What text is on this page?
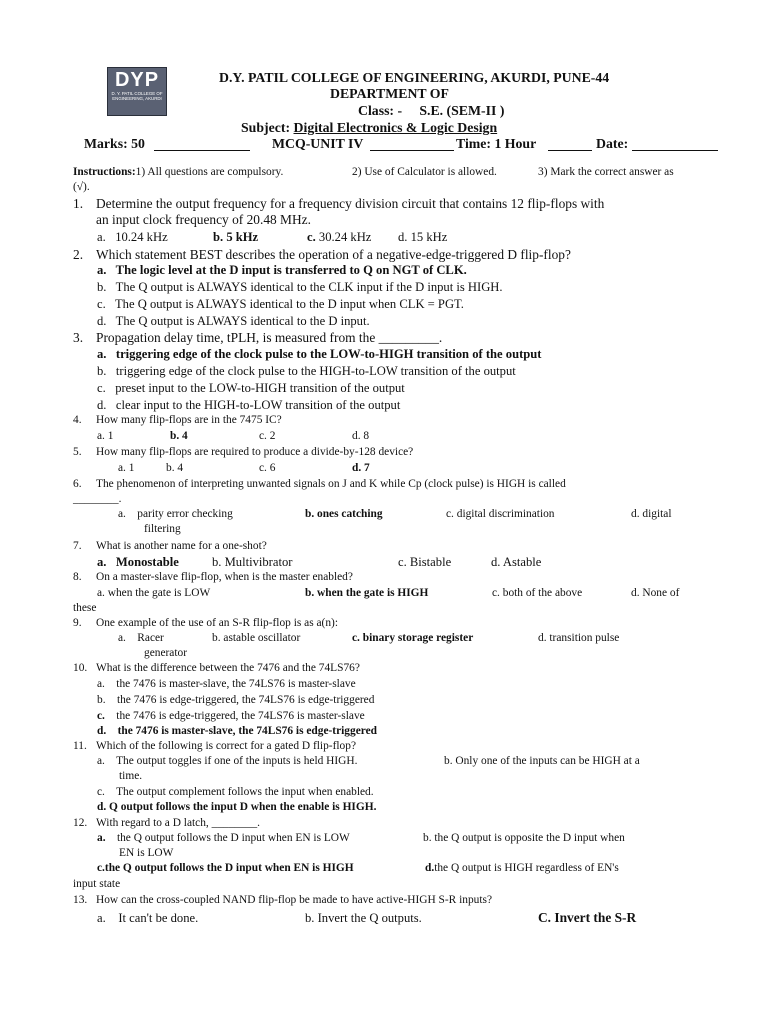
DYP
D. Y. PATIL COLLEGE OF ENGINEERING, AKURDI
D.Y. PATIL COLLEGE OF ENGINEERING, AKURDI, PUNE-44
DEPARTMENT OF
Class: -     S.E. (SEM-II )
Subject: Digital Electronics & Logic Design
Marks: 50	MCQ-UNIT IV	Time: 1 Hour	Date:
Instructions:1) All questions are compulsory.	2) Use of Calculator is allowed.	3) Mark the correct answer as
(√).
1. Determine the output frequency for a frequency division circuit that contains 12 flip-flops with
an input clock frequency of 20.48 MHz.
a.   10.24 kHz	b. 5 kHz	c. 30.24 kHz d. 15 kHz
2. Which statement BEST describes the operation of a negative-edge-triggered D flip-flop?
a.   The logic level at the D input is transferred to Q on NGT of CLK.
b.   The Q output is ALWAYS identical to the CLK input if the D input is HIGH.
c.   The Q output is ALWAYS identical to the D input when CLK = PGT.
d.   The Q output is ALWAYS identical to the D input.
3. Propagation delay time, tPLH, is measured from the _________.
a.   triggering edge of the clock pulse to the LOW-to-HIGH transition of the output
b.   triggering edge of the clock pulse to the HIGH-to-LOW transition of the output
c.   preset input to the LOW-to-HIGH transition of the output
d.   clear input to the HIGH-to-LOW transition of the output
4. How many flip-flops are in the 7475 IC?
a. 1	b. 4	c. 2	d. 8
5. How many flip-flops are required to produce a divide-by-128 device?
a. 1	b. 4	c. 6	d. 7
6. The phenomenon of interpreting unwanted signals on J and K while Cp (clock pulse) is HIGH is called
________.
a.    parity error checking	b. ones catching	c. digital discrimination	d. digital
filtering
7. What is another name for a one-shot?
a.   Monostable	b. Multivibrator	c. Bistable	d. Astable
8. On a master-slave flip-flop, when is the master enabled?
a. when the gate is LOW	b. when the gate is HIGH	c. both of the above	d. None of
these
9. One example of the use of an S-R flip-flop is as a(n):
a.    Racer	b. astable oscillator	c. binary storage register	d. transition pulse
generator
10. What is the difference between the 7476 and the 74LS76?
a.    the 7476 is master-slave, the 74LS76 is master-slave
b.    the 7476 is edge-triggered, the 74LS76 is edge-triggered
c. the 7476 is edge-triggered, the 74LS76 is master-slave
d.    the 7476 is master-slave, the 74LS76 is edge-triggered
11. Which of the following is correct for a gated D flip-flop?
a.    The output toggles if one of the inputs is held HIGH.	b. Only one of the inputs can be HIGH at a
time.
c.    The output complement follows the input when enabled.
d. Q output follows the input D when the enable is HIGH.
12. With regard to a D latch, ________.
a. the Q output follows the D input when EN is LOW	b. the Q output is opposite the D input when
EN is LOW
c.the Q output follows the D input when EN is HIGH	d.the Q output is HIGH regardless of EN's
input state
13. How can the cross-coupled NAND flip-flop be made to have active-HIGH S-R inputs?
a.    It can't be done.	b. Invert the Q outputs.	C. Invert the S-R
